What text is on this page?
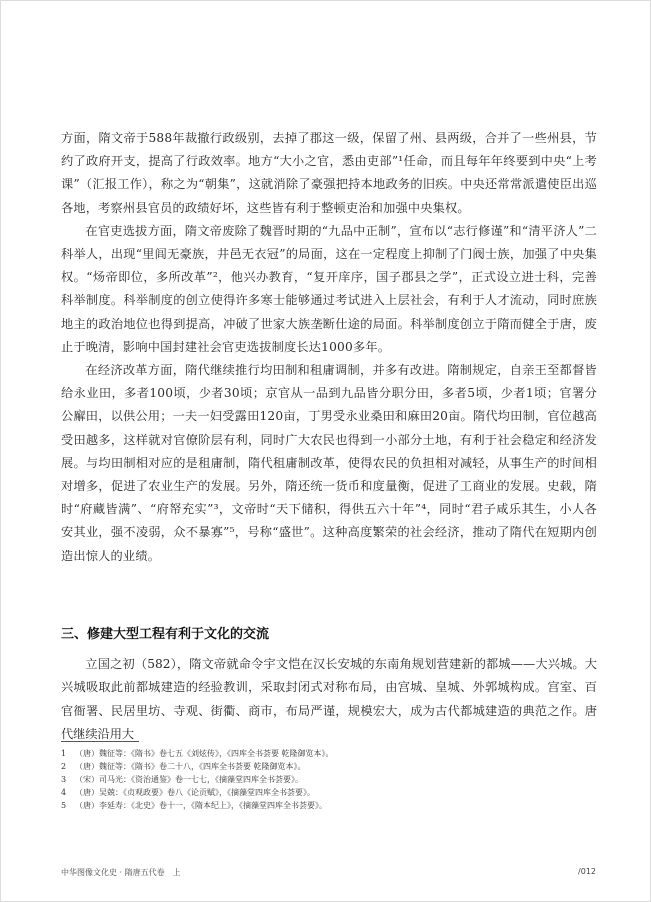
方面，隋文帝于588年裁撤行政级别，去掉了郡这一级，保留了州、县两级，合并了一些州县，节约了政府开支，提高了行政效率。地方“大小之官，悉由吏部”¹任命，而且每年年终要到中央“上考课”（汇报工作），称之为“朝集”，这就消除了豪强把持本地政务的旧疾。中央还常常派遣使臣出巡各地，考察州县官员的政绩好坏，这些皆有利于整顿吏治和加强中央集权。

在官吏选拔方面，隋文帝废除了魏晋时期的“九品中正制”，宣布以“志行修谨”和“清平济人”二科举人，出现“里闾无豪族，井邑无衣冠”的局面，这在一定程度上抑制了门阀士族，加强了中央集权。“炀帝即位，多所改革”²，他兴办教育，“复开庠序，国子郡县之学”，正式设立进士科，完善科举制度。科举制度的创立使得许多寒士能够通过考试进入上层社会，有利于人才流动，同时庶族地主的政治地位也得到提高，冲破了世家大族垄断仕途的局面。科举制度创立于隋而健全于唐，废止于晚清，影响中国封建社会官吏选拔制度长达1000多年。

在经济改革方面，隋代继续推行均田制和租庸调制，并多有改进。隋制规定，自亲王至都督皆给永业田，多者100顷，少者30顷；京官从一品到九品皆分职分田，多者5顷，少者1顷；官署分公廨田，以供公用；一夫一妇受露田120亩，丁男受永业桑田和麻田20亩。隋代均田制，官位越高受田越多，这样就对官僚阶层有利，同时广大农民也得到一小部分土地，有利于社会稳定和经济发展。与均田制相对应的是租庸制，隋代租庸制改革，使得农民的负担相对减轻，从事生产的时间相对增多，促进了农业生产的发展。另外，隋还统一货币和度量衡，促进了工商业的发展。史载，隋时“府藏皆满”、“府帑充实”³，文帝时“天下储积，得供五六十年”⁴，同时“君子咸乐其生，小人各安其业，强不凌弱，众不暴寡”⁵，号称“盛世”。这种高度繁荣的社会经济，推动了隋代在短期内创造出惊人的业绩。

三、修建大型工程有利于文化的交流

立国之初（582），隋文帝就命令宇文恺在汉长安城的东南角规划营建新的都城——大兴城。大兴城吸取此前都城建造的经验教训，采取封闭式对称布局，由宫城、皇城、外郭城构成。宫室、百官衙署、民居里坊、寺观、街衢、商市，布局严谨，规模宏大，成为古代都城建造的典范之作。唐代继续沿用大

1	（唐）魏征等：《隋书》卷七五《刘炫传》，《四库全书荟要 乾隆御览本》。
2	（唐）魏征等：《隋书》卷二十八，《四库全书荟要 乾隆御览本》。
3	（宋）司马光：《资治通鉴》卷一七七，《摘藻堂四库全书荟要》。
4	（唐）吴兢：《贞观政要》卷八《论贡赋》，《摘藻堂四库全书荟要》。
5	（唐）李延寿：《北史》卷十一，《隋本纪上》，《摘藻堂四库全书荟要》。
中华图像文化史 · 隋唐五代卷　上	/012
